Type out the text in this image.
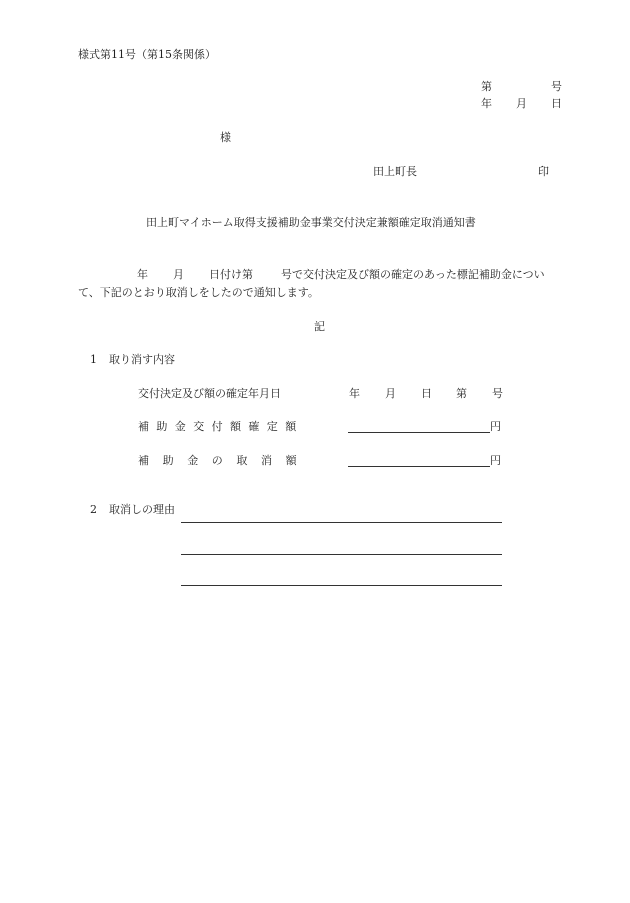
様式第11号（第15条関係）
第	号
年 月 日
様
田上町長	印
田上町マイホーム取得支援補助金事業交付決定兼額確定取消通知書
年 月 日付け第	号で交付決定及び額の確定のあった標記補助金につい
て、下記のとおり取消しをしたので通知します。
記
1 取り消す内容
交付決定及び額の確定年月日	年 月 日 第 号
補助金交付額確定額	円
補助金の取消額	円
2 取消しの理由
